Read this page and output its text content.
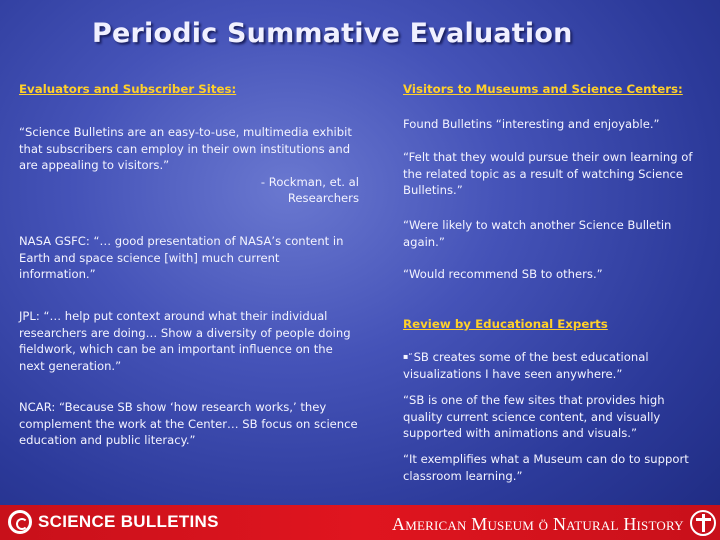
Periodic Summative Evaluation
Evaluators and Subscriber Sites:
“Science Bulletins are an easy-to-use, multimedia exhibit that subscribers can employ in their own institutions and are appealing to visitors.”
- Rockman, et. al
Researchers
NASA GSFC: “… good presentation of NASA’s content in Earth and space science [with] much current information.”
JPL: “… help put context around what their individual researchers are doing… Show a diversity of people doing fieldwork, which can be an important influence on the next generation.”
NCAR: “Because SB show ‘how research works,’ they complement the work at the Center… SB focus on science education and public literacy.”
Visitors to Museums and Science Centers:
Found Bulletins “interesting and enjoyable.”
“Felt that they would pursue their own learning of the related topic as a result of watching Science Bulletins.”
“Were likely to watch another Science Bulletin again.”
“Would recommend SB to others.”
Review by Educational Experts
▪“SB creates some of the best educational visualizations I have seen anywhere.”
“SB is one of the few sites that provides high quality current science content, and visually supported with animations and visuals.”
“It exemplifies what a Museum can do to support classroom learning.”
SCIENCE BULLETINS	American Museum ö Natural History
